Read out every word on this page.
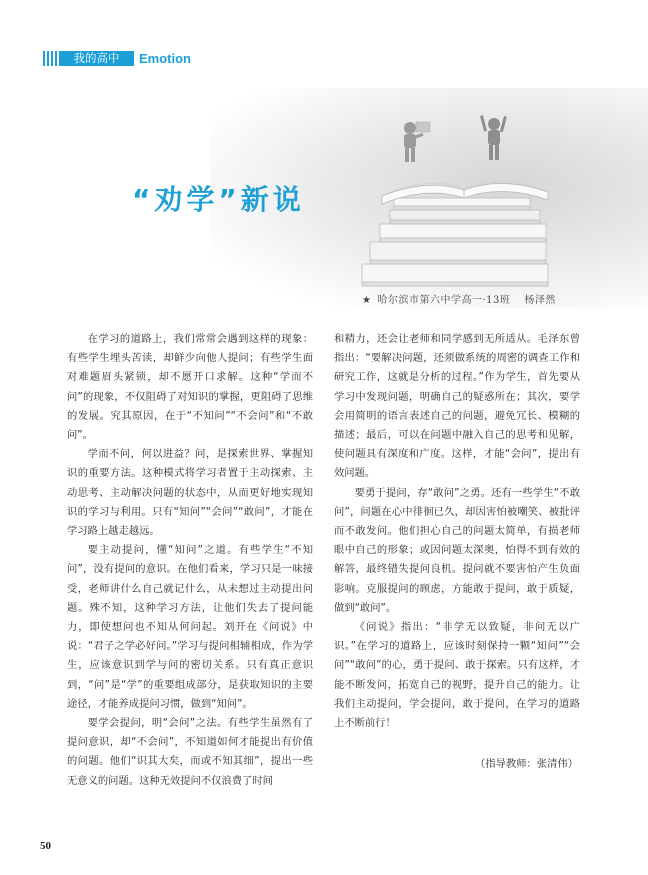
我的高中	Emotion
“劝学”新说
★ 哈尔滨市第六中学高一·13班 杨泽然

在学习的道路上，我们常常会遇到这样的现象：有些学生埋头苦读，却鲜少向他人提问；有些学生面对难题眉头紧锁，却不愿开口求解。这种“学而不问”的现象，不仅阻碍了对知识的掌握，更阻碍了思维的发展。究其原因，在于“不知问”“不会问”和“不敢问”。

学而不问，何以进益？问，是探索世界、掌握知识的重要方法。这种模式将学习者置于主动探索、主动思考、主动解决问题的状态中，从而更好地实现知识的学习与利用。只有“知问”“会问”“敢问”，才能在学习路上越走越远。

要主动提问，懂“知问”之道。有些学生“不知问”，没有提问的意识。在他们看来，学习只是一味接受，老师讲什么自己就记什么，从未想过主动提出问题。殊不知，这种学习方法，让他们失去了提问能力，即使想问也不知从何问起。刘开在《问说》中说：“君子之学必好问。”学习与提问相辅相成，作为学生，应该意识到学与问的密切关系。只有真正意识到，“问”是“学”的重要组成部分，是获取知识的主要途径，才能养成提问习惯，做到“知问”。

要学会提问，明“会问”之法。有些学生虽然有了提问意识，却“不会问”，不知道如何才能提出有价值的问题。他们“识其大矣，而或不知其细”，提出一些无意义的问题。这种无效提问不仅浪费了时间

和精力，还会让老师和同学感到无所适从。毛泽东曾指出：“要解决问题，还须做系统的周密的调查工作和研究工作，这就是分析的过程。”作为学生，首先要从学习中发现问题，明确自己的疑惑所在；其次，要学会用简明的语言表述自己的问题，避免冗长、模糊的描述；最后，可以在问题中融入自己的思考和见解，使问题具有深度和广度。这样，才能“会问”，提出有效问题。

要勇于提问，存“敢问”之勇。还有一些学生“不敢问”，问题在心中徘徊已久，却因害怕被嘲笑、被批评而不敢发问。他们担心自己的问题太简单，有损老师眼中自己的形象；或因问题太深奥，怕得不到有效的解答，最终错失提问良机。提问就不要害怕产生负面影响。克服提问的顾虑，方能敢于提问，敢于质疑，做到“敢问”。

《问说》指出：“非学无以致疑，非问无以广识。”在学习的道路上，应该时刻保持一颗“知问”“会问”“敢问”的心，勇于提问、敢于探索。只有这样，才能不断发问，拓宽自己的视野，提升自己的能力。让我们主动提问，学会提问，敢于提问，在学习的道路上不断前行！

（指导教师：张清伟）

50
